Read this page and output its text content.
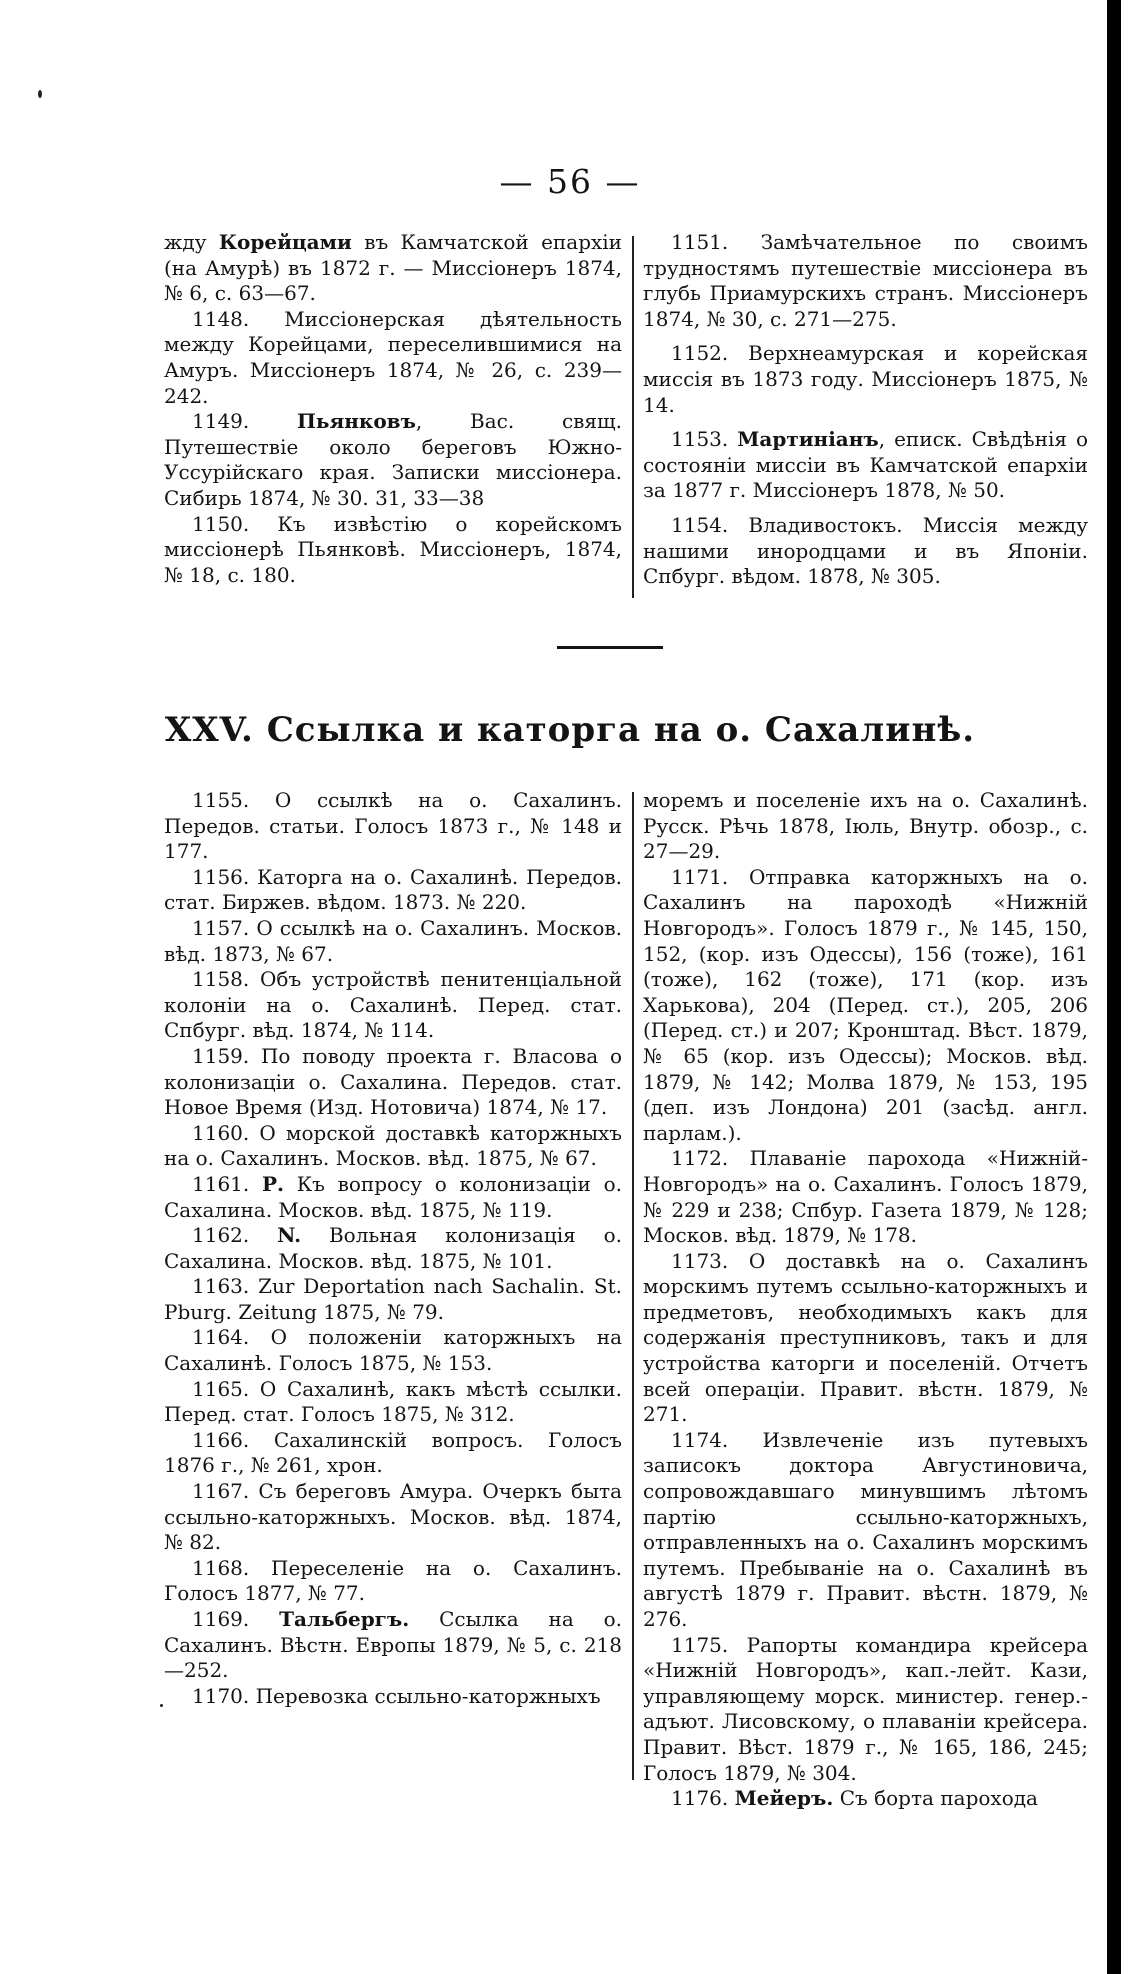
— 56 —

жду Корейцами въ Камчатской епархiи (на Амурѣ) въ 1872 г. — Миссiонеръ 1874, № 6, с. 63—67.

1148. Миссiонерская дѣятельность между Корейцами, переселившимися на Амуръ. Миссiонеръ 1874, № 26, с. 239—242.

1149. Пьянковъ, Вас. свящ. Путешествiе около береговъ Южно-Уссурiйскаго края. Записки миссiонера. Сибирь 1874, № 30. 31, 33—38

1150. Къ извѣстiю о корейскомъ миссiонерѣ Пьянковѣ. Миссiонеръ, 1874, № 18, с. 180.

1151. Замѣчательное по своимъ трудностямъ путешествiе миссiонера въ глубь Приамурскихъ странъ. Миссiонеръ 1874, № 30, с. 271—275.

1152. Верхнеамурская и корейская миссiя въ 1873 году. Миссiонеръ 1875, № 14.

1153. Мартинiанъ, еписк. Свѣдѣнiя о состоянiи миссiи въ Камчатской епархiи за 1877 г. Миссiонеръ 1878, № 50.

1154. Владивостокъ. Миссiя между нашими инородцами и въ Японiи. Спбург. вѣдом. 1878, № 305.

XXV. Ссылка и каторга на о. Сахалинѣ.

1155. О ссылкѣ на о. Сахалинъ. Передов. статьи. Голосъ 1873 г., № 148 и 177.

1156. Каторга на о. Сахалинѣ. Передов. стат. Биржев. вѣдом. 1873. № 220.

1157. О ссылкѣ на о. Сахалинъ. Москов. вѣд. 1873, № 67.

1158. Объ устройствѣ пенитенцiальной колонiи на о. Сахалинѣ. Перед. стат. Спбург. вѣд. 1874, № 114.

1159. По поводу проекта г. Власова о колонизацiи о. Сахалина. Передов. стат. Новое Время (Изд. Нотовича) 1874, № 17.

1160. О морской доставкѣ каторжныхъ на о. Сахалинъ. Москов. вѣд. 1875, № 67.

1161. Р. Къ вопросу о колонизацiи о. Сахалина. Москов. вѣд. 1875, № 119.

1162. N. Вольная колонизацiя о. Сахалина. Москов. вѣд. 1875, № 101.

1163. Zur Deportation nach Sachalin. St. Pburg. Zeitung 1875, № 79.

1164. О положенiи каторжныхъ на Сахалинѣ. Голосъ 1875, № 153.

1165. О Сахалинѣ, какъ мѣстѣ ссылки. Перед. стат. Голосъ 1875, № 312.

1166. Сахалинскiй вопросъ. Голосъ 1876 г., № 261, хрон.

1167. Съ береговъ Амура. Очеркъ быта ссыльно-каторжныхъ. Москов. вѣд. 1874, № 82.

1168. Переселенiе на о. Сахалинъ. Голосъ 1877, № 77.

1169. Тальбергъ. Ссылка на о. Сахалинъ. Вѣстн. Европы 1879, № 5, с. 218—252.

1170. Перевозка ссыльно-каторжныхъ

моремъ и поселенiе ихъ на о. Сахалинѣ. Русск. Рѣчь 1878, Iюль, Внутр. обозр., с. 27—29.

1171. Отправка каторжныхъ на о. Сахалинъ на пароходѣ «Нижнiй Новгородъ». Голосъ 1879 г., № 145, 150, 152, (кор. изъ Одессы), 156 (тоже), 161 (тоже), 162 (тоже), 171 (кор. изъ Харькова), 204 (Перед. ст.), 205, 206 (Перед. ст.) и 207; Кронштад. Вѣст. 1879, № 65 (кор. изъ Одессы); Москов. вѣд. 1879, № 142; Молва 1879, № 153, 195 (деп. изъ Лондона) 201 (засѣд. англ. парлам.).

1172. Плаванiе парохода «Нижнiй-Новгородъ» на о. Сахалинъ. Голосъ 1879, № 229 и 238; Спбур. Газета 1879, № 128; Москов. вѣд. 1879, № 178.

1173. О доставкѣ на о. Сахалинъ морскимъ путемъ ссыльно-каторжныхъ и предметовъ, необходимыхъ какъ для содержанiя преступниковъ, такъ и для устройства каторги и поселенiй. Отчетъ всей операцiи. Правит. вѣстн. 1879, № 271.

1174. Извлеченiе изъ путевыхъ записокъ доктора Августиновича, сопровождавшаго минувшимъ лѣтомъ партiю ссыльно-каторжныхъ, отправленныхъ на о. Сахалинъ морскимъ путемъ. Пребыванiе на о. Сахалинѣ въ августѣ 1879 г. Правит. вѣстн. 1879, № 276.

1175. Рапорты командира крейсера «Нижнiй Новгородъ», кап.-лейт. Кази, управляющему морск. министер. генер.-адъют. Лисовскому, о плаванiи крейсера. Правит. Вѣст. 1879 г., № 165, 186, 245; Голосъ 1879, № 304.

1176. Мейеръ. Съ борта парохода
